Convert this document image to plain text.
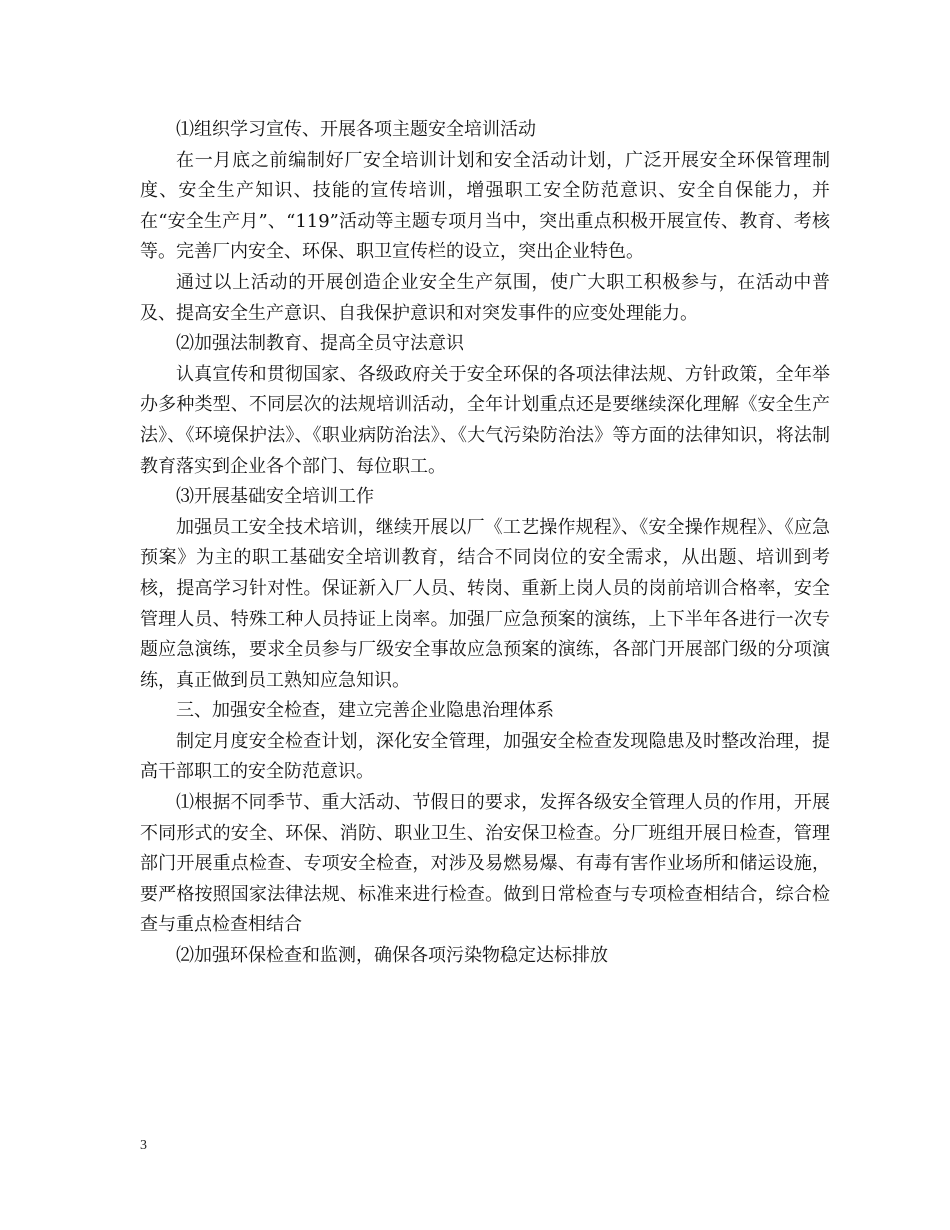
⑴组织学习宣传、开展各项主题安全培训活动

在一月底之前编制好厂安全培训计划和安全活动计划，广泛开展安全环保管理制度、安全生产知识、技能的宣传培训，增强职工安全防范意识、安全自保能力，并在“安全生产月”、“119”活动等主题专项月当中，突出重点积极开展宣传、教育、考核等。完善厂内安全、环保、职卫宣传栏的设立，突出企业特色。

通过以上活动的开展创造企业安全生产氛围，使广大职工积极参与，在活动中普及、提高安全生产意识、自我保护意识和对突发事件的应变处理能力。

⑵加强法制教育、提高全员守法意识

认真宣传和贯彻国家、各级政府关于安全环保的各项法律法规、方针政策，全年举办多种类型、不同层次的法规培训活动，全年计划重点还是要继续深化理解《安全生产法》、《环境保护法》、《职业病防治法》、《大气污染防治法》等方面的法律知识，将法制教育落实到企业各个部门、每位职工。

⑶开展基础安全培训工作

加强员工安全技术培训，继续开展以厂《工艺操作规程》、《安全操作规程》、《应急预案》为主的职工基础安全培训教育，结合不同岗位的安全需求，从出题、培训到考核，提高学习针对性。保证新入厂人员、转岗、重新上岗人员的岗前培训合格率，安全管理人员、特殊工种人员持证上岗率。加强厂应急预案的演练，上下半年各进行一次专题应急演练，要求全员参与厂级安全事故应急预案的演练，各部门开展部门级的分项演练，真正做到员工熟知应急知识。

三、加强安全检查，建立完善企业隐患治理体系

制定月度安全检查计划，深化安全管理，加强安全检查发现隐患及时整改治理，提高干部职工的安全防范意识。

⑴根据不同季节、重大活动、节假日的要求，发挥各级安全管理人员的作用，开展不同形式的安全、环保、消防、职业卫生、治安保卫检查。分厂班组开展日检查，管理部门开展重点检查、专项安全检查，对涉及易燃易爆、有毒有害作业场所和储运设施，要严格按照国家法律法规、标准来进行检查。做到日常检查与专项检查相结合，综合检查与重点检查相结合

⑵加强环保检查和监测，确保各项污染物稳定达标排放

3
